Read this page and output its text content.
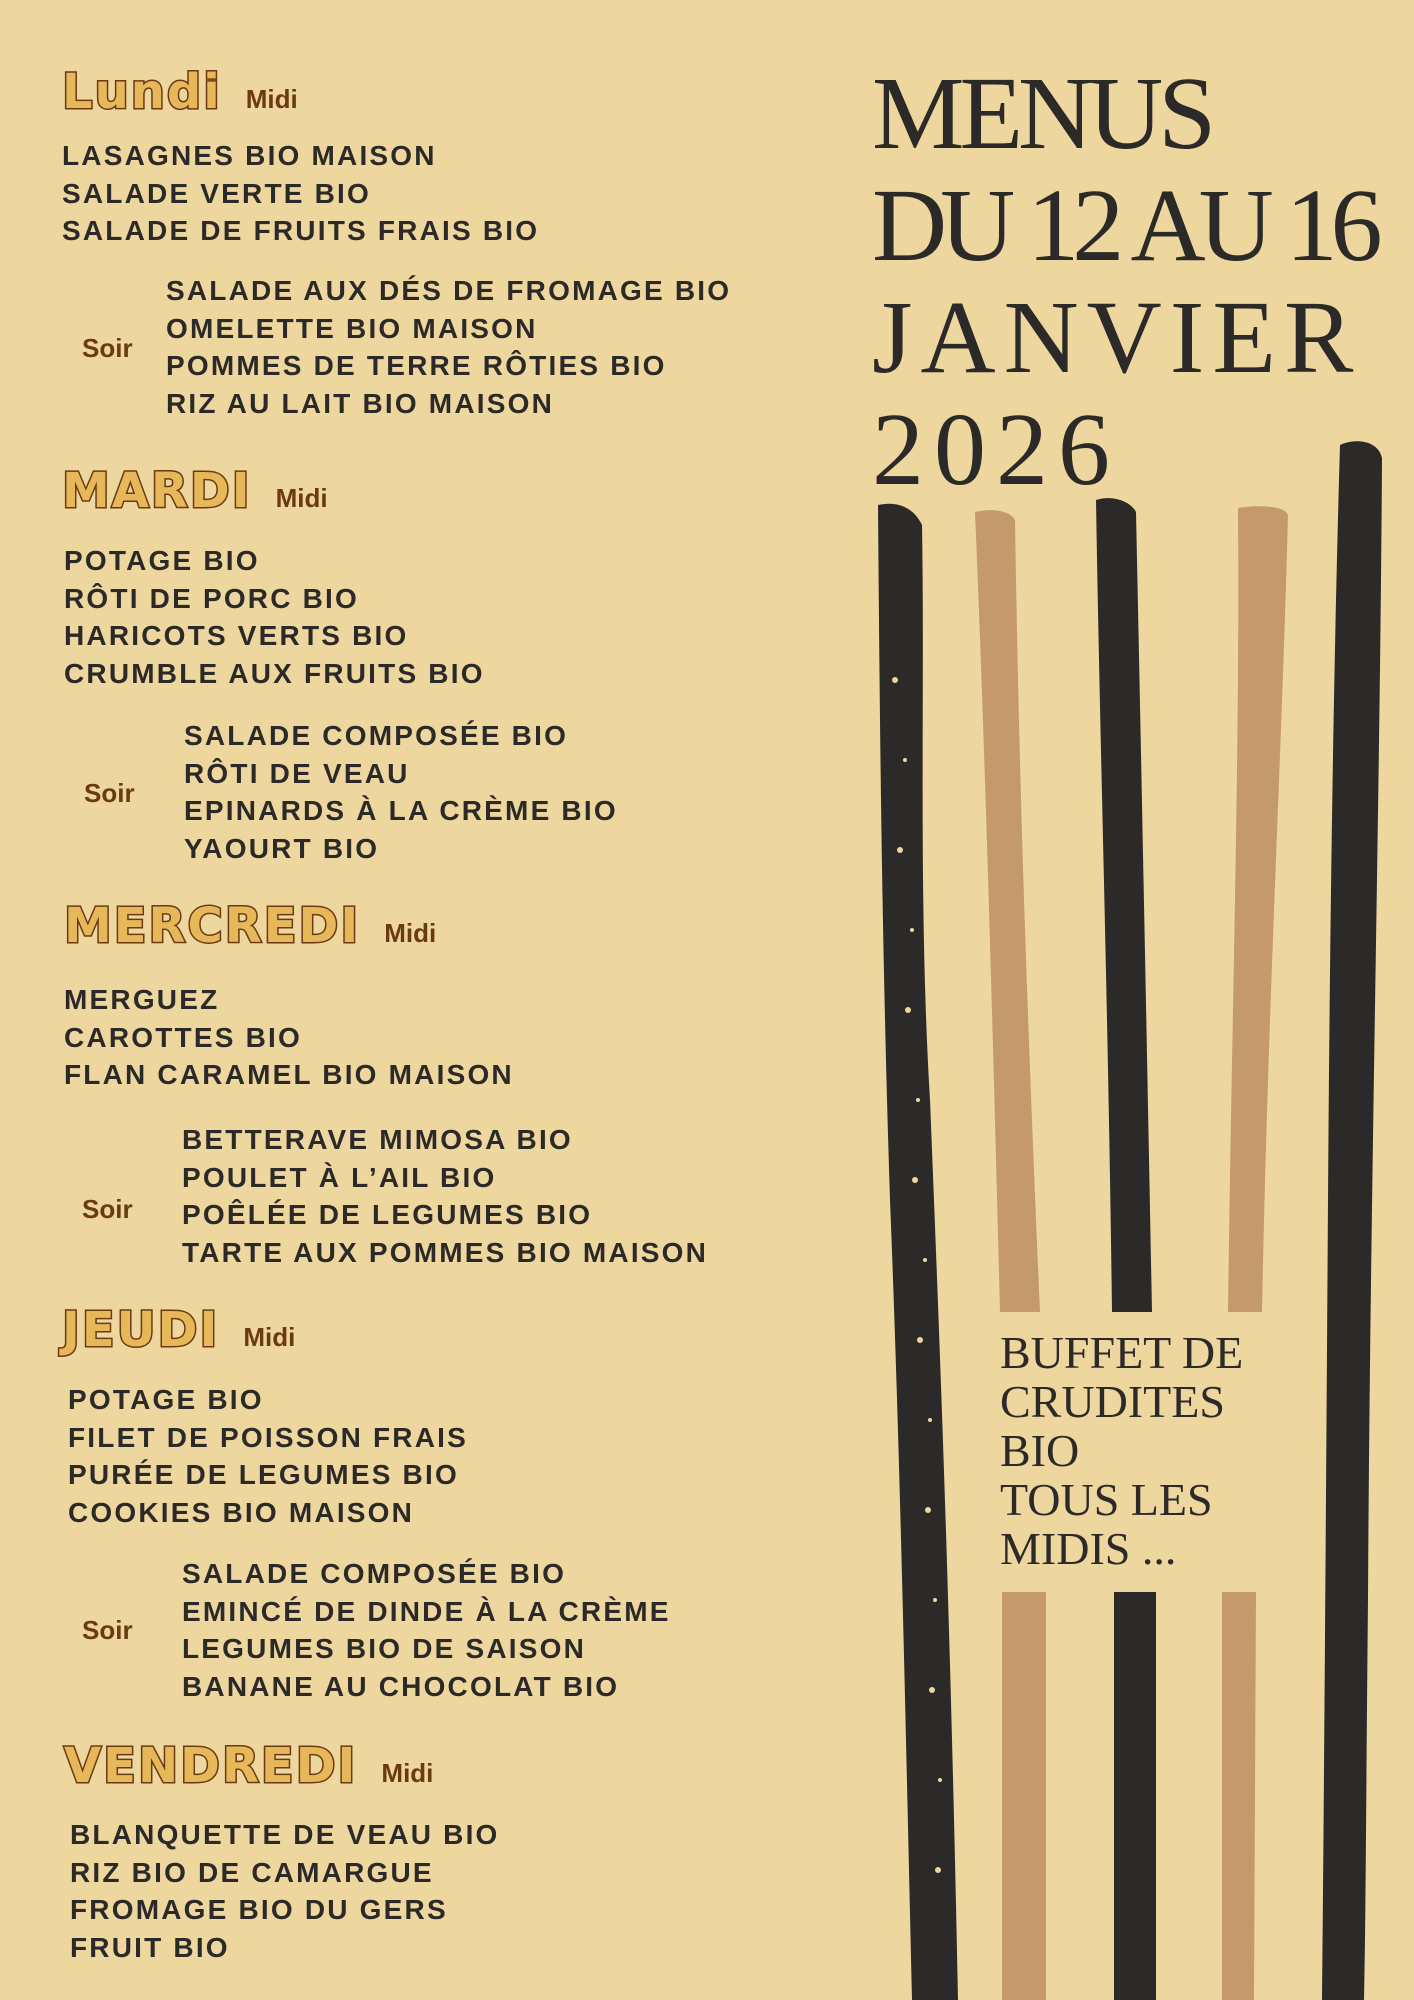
Lundi Midi
LASAGNES BIO MAISON
SALADE VERTE BIO
SALADE DE FRUITS FRAIS BIO
Soir
SALADE AUX DÉS DE FROMAGE BIO
OMELETTE BIO MAISON
POMMES DE TERRE RÔTIES BIO
RIZ AU LAIT BIO MAISON
MARDI Midi
POTAGE BIO
RÔTI DE PORC BIO
HARICOTS VERTS BIO
CRUMBLE AUX FRUITS BIO
Soir
SALADE COMPOSÉE BIO
RÔTI DE VEAU
EPINARDS À LA CRÈME BIO
YAOURT BIO
MERCREDI Midi
MERGUEZ
CAROTTES BIO
FLAN CARAMEL BIO MAISON
Soir
BETTERAVE MIMOSA BIO
POULET À L’AIL BIO
POÊLÉE DE LEGUMES BIO
TARTE AUX POMMES BIO MAISON
JEUDI Midi
POTAGE BIO
FILET DE POISSON FRAIS
PURÉE DE LEGUMES BIO
COOKIES BIO MAISON
Soir
SALADE COMPOSÉE BIO
EMINCÉ DE DINDE À LA CRÈME
LEGUMES BIO DE SAISON
BANANE AU CHOCOLAT BIO
VENDREDI Midi
BLANQUETTE DE VEAU BIO
RIZ BIO DE CAMARGUE
FROMAGE BIO DU GERS
FRUIT BIO
MENUS
DU 12 AU 16
JANVIER
2026
BUFFET DE
CRUDITES
BIO
TOUS LES
MIDIS ...
